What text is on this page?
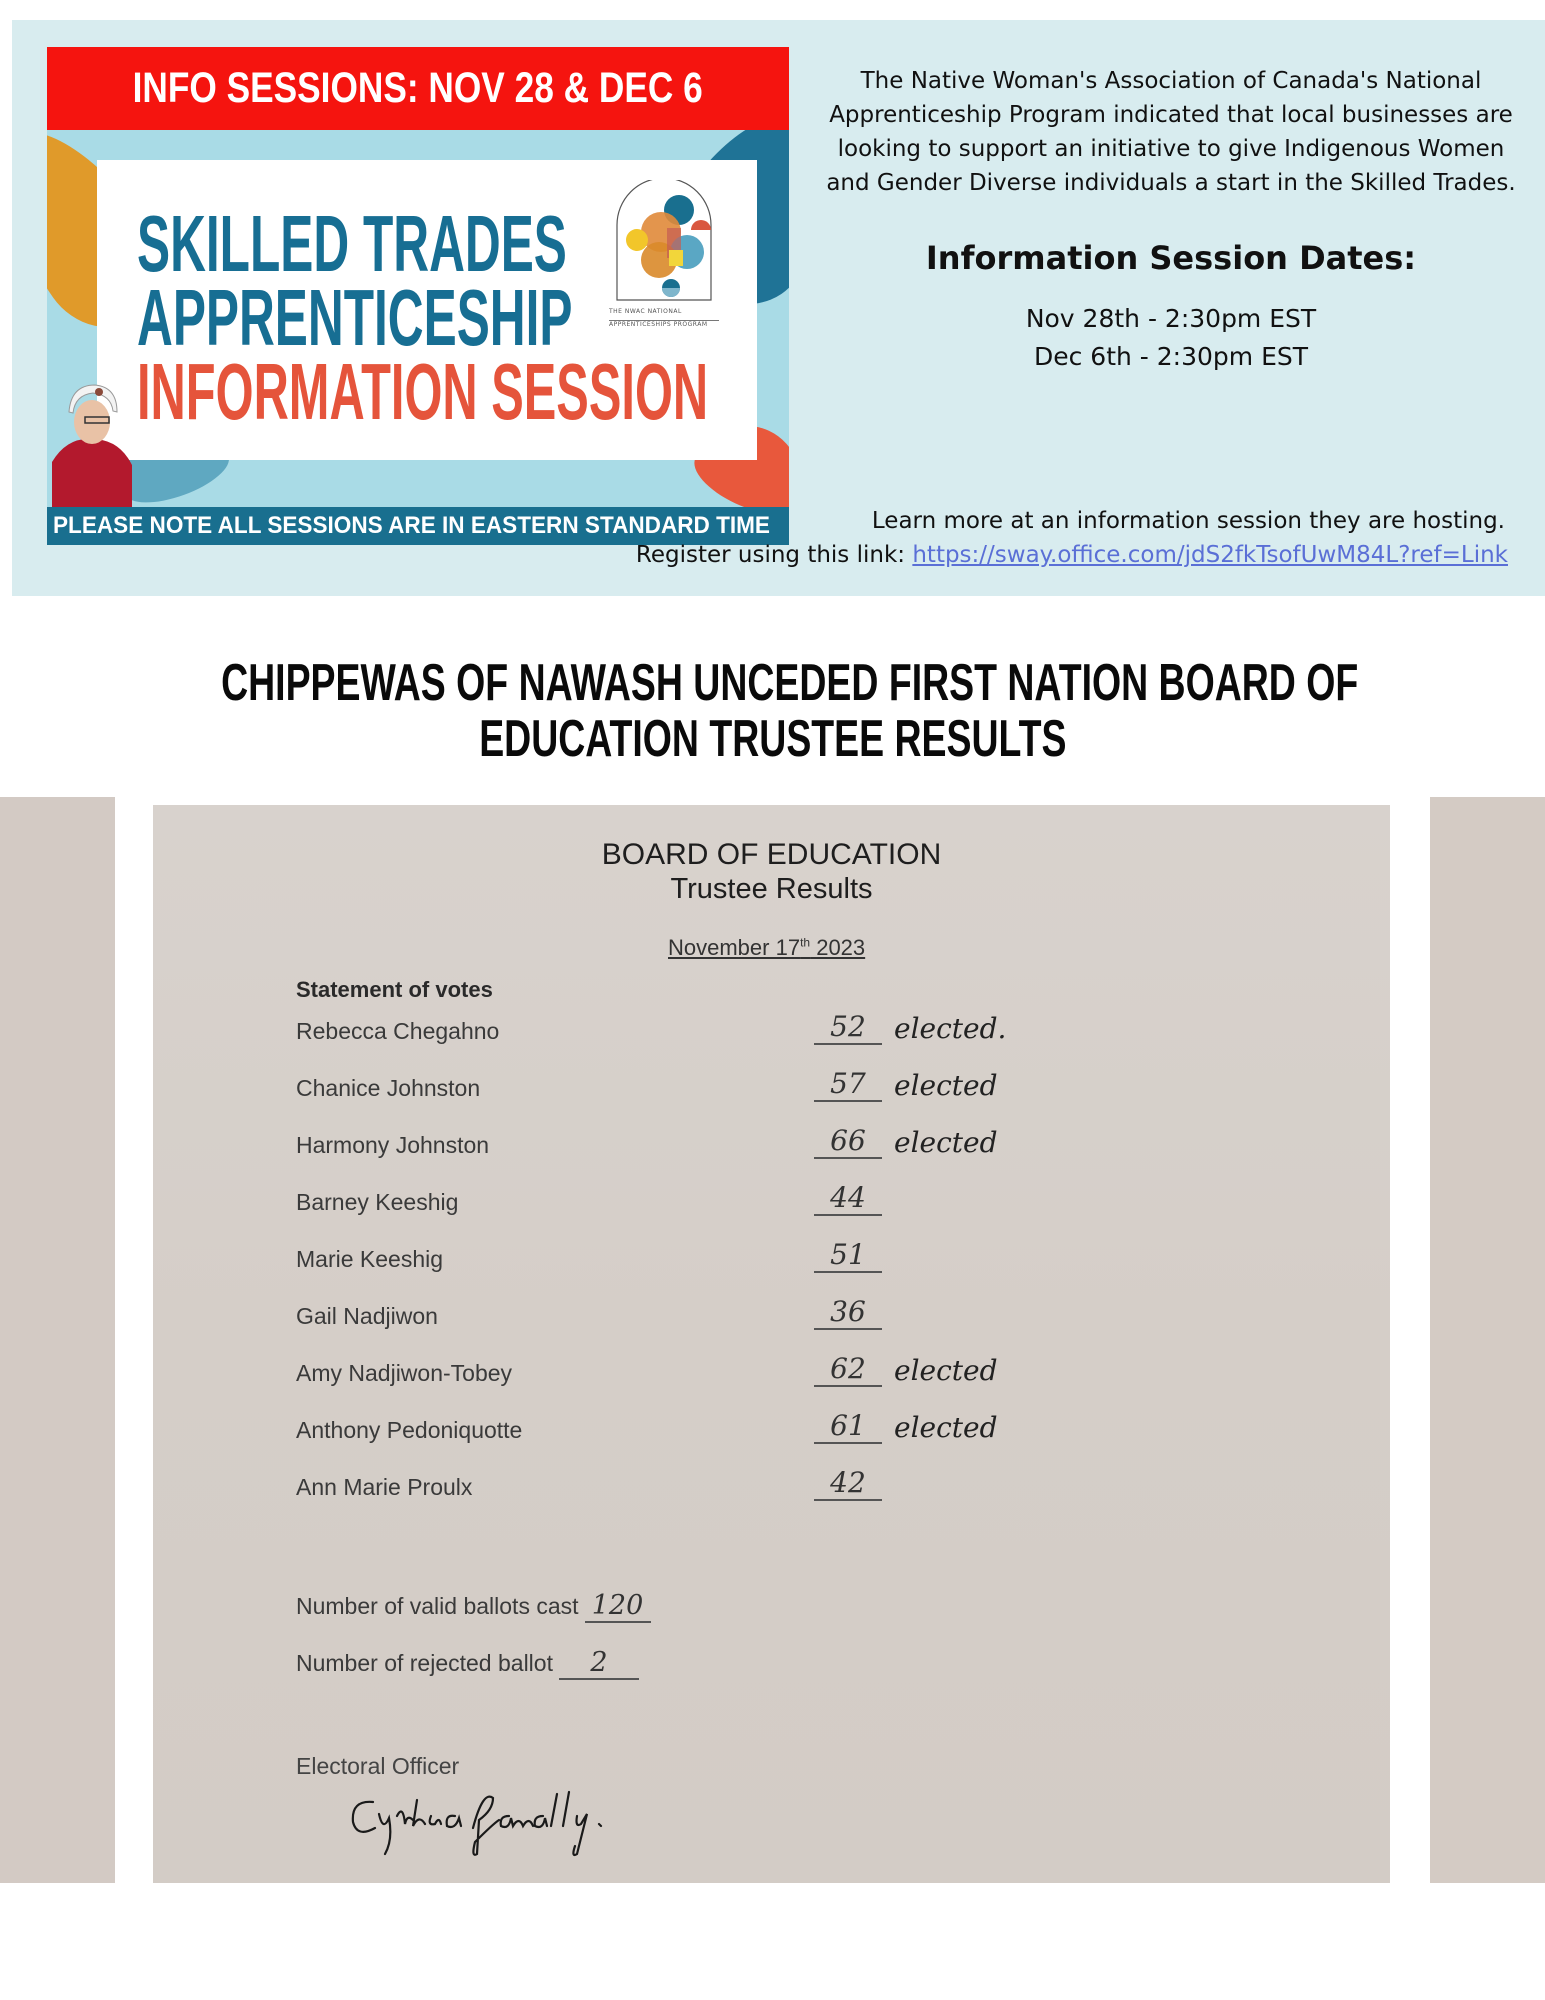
INFO SESSIONS: NOV 28 & DEC 6
SKILLED TRADES
APPRENTICESHIP
INFORMATION SESSION
THE NWAC NATIONAL
APPRENTICESHIPS PROGRAM
PLEASE NOTE ALL SESSIONS ARE IN EASTERN STANDARD TIME
The Native Woman's Association of Canada's National Apprenticeship Program indicated that local businesses are looking to support an initiative to give Indigenous Women and Gender Diverse individuals a start in the Skilled Trades.
Information Session Dates:
Nov 28th - 2:30pm EST
Dec 6th - 2:30pm EST
Learn more at an information session they are hosting.
Register using this link: https://sway.office.com/jdS2fkTsofUwM84L?ref=Link
CHIPPEWAS OF NAWASH UNCEDED FIRST NATION BOARD OF
EDUCATION TRUSTEE RESULTS
BOARD OF EDUCATION
Trustee Results
November 17th 2023
Statement of votes
Rebecca Chegahno	52	elected.
Chanice Johnston	57	elected
Harmony Johnston	66	elected
Barney Keeshig	44
Marie Keeshig	51
Gail Nadjiwon	36
Amy Nadjiwon-Tobey	62	elected
Anthony Pedoniquotte	61	elected
Ann Marie Proulx	42
Number of valid ballots cast 120
Number of rejected ballot 2
Electoral Officer
